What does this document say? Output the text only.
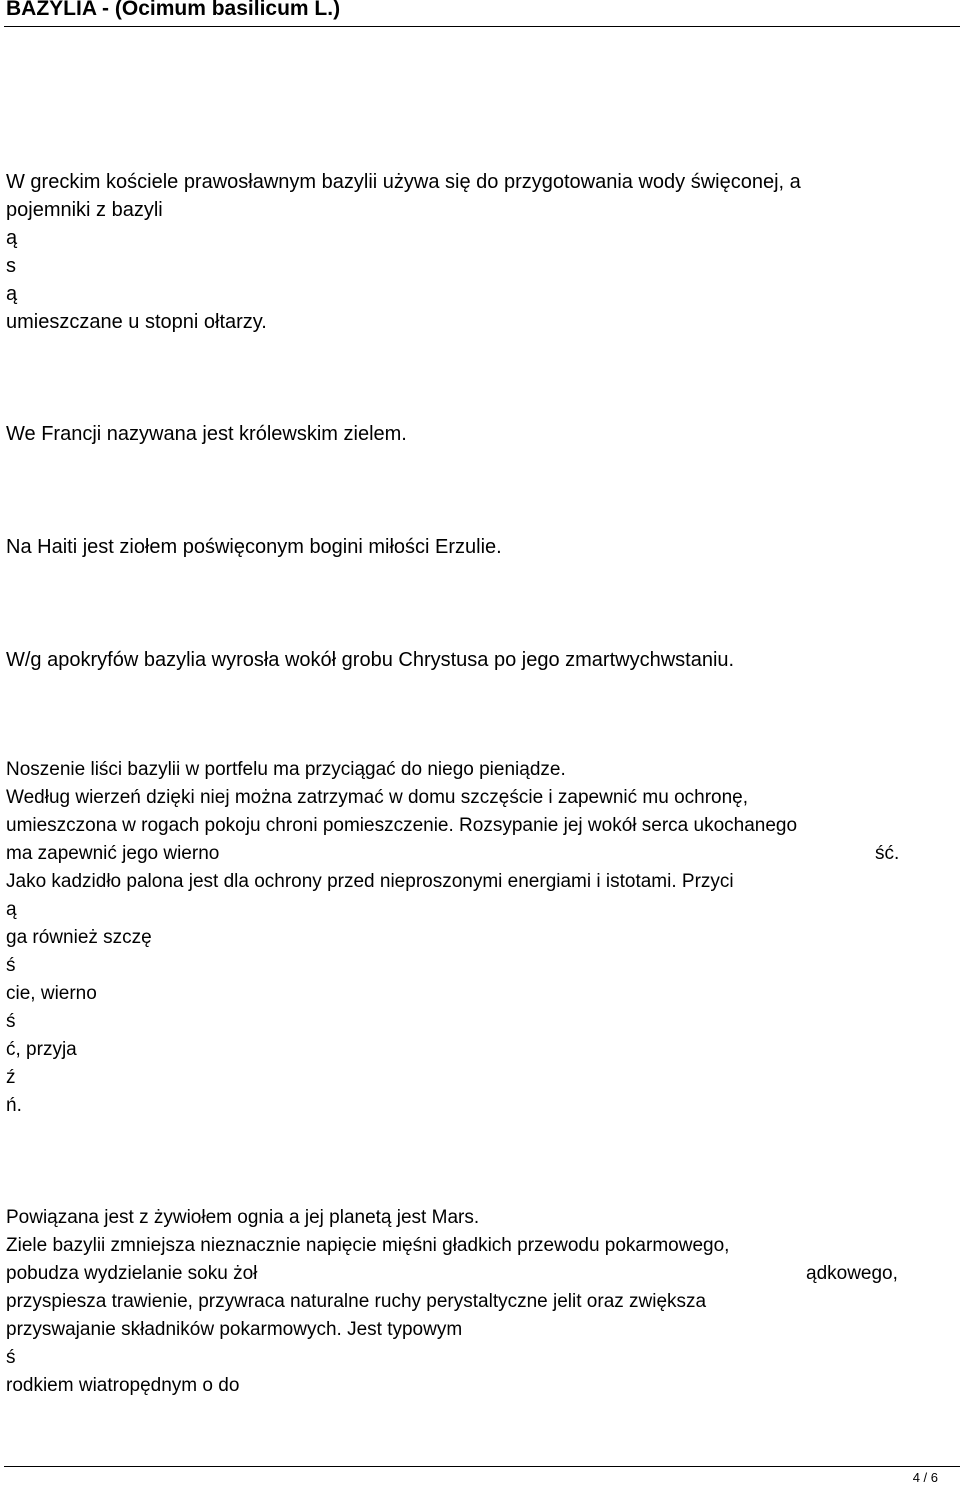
BAZYLIA - (Ocimum basilicum L.)

W greckim kościele prawosławnym bazylii używa się do przygotowania wody święconej, a

pojemniki z bazyli

ą

s

ą

umieszczane u stopni ołtarzy.

We Francji nazywana jest królewskim zielem.

Na Haiti jest ziołem poświęconym bogini miłości Erzulie.

W/g apokryfów bazylia wyrosła wokół grobu Chrystusa po jego zmartwychwstaniu.

Noszenie liści bazylii w portfelu ma przyciągać do niego pieniądze.

Według wierzeń dzięki niej można zatrzymać w domu szczęście i zapewnić mu ochronę,

umieszczona w rogach pokoju chroni pomieszczenie. Rozsypanie jej wokół serca ukochanego

ma zapewnić jego wierno	ść.

Jako kadzidło palona jest dla ochrony przed nieproszonymi energiami i istotami. Przyci

ą

ga również szczę

ś

cie, wierno

ś

ć, przyja

ź

ń.

Powiązana jest z żywiołem ognia a jej planetą jest Mars.

Ziele bazylii zmniejsza nieznacznie napięcie mięśni gładkich przewodu pokarmowego,

pobudza wydzielanie soku żoł	ądkowego,

przyspiesza trawienie, przywraca naturalne ruchy perystaltyczne jelit oraz zwiększa

przyswajanie składników pokarmowych. Jest typowym

ś

rodkiem wiatropędnym o do

4 / 6
